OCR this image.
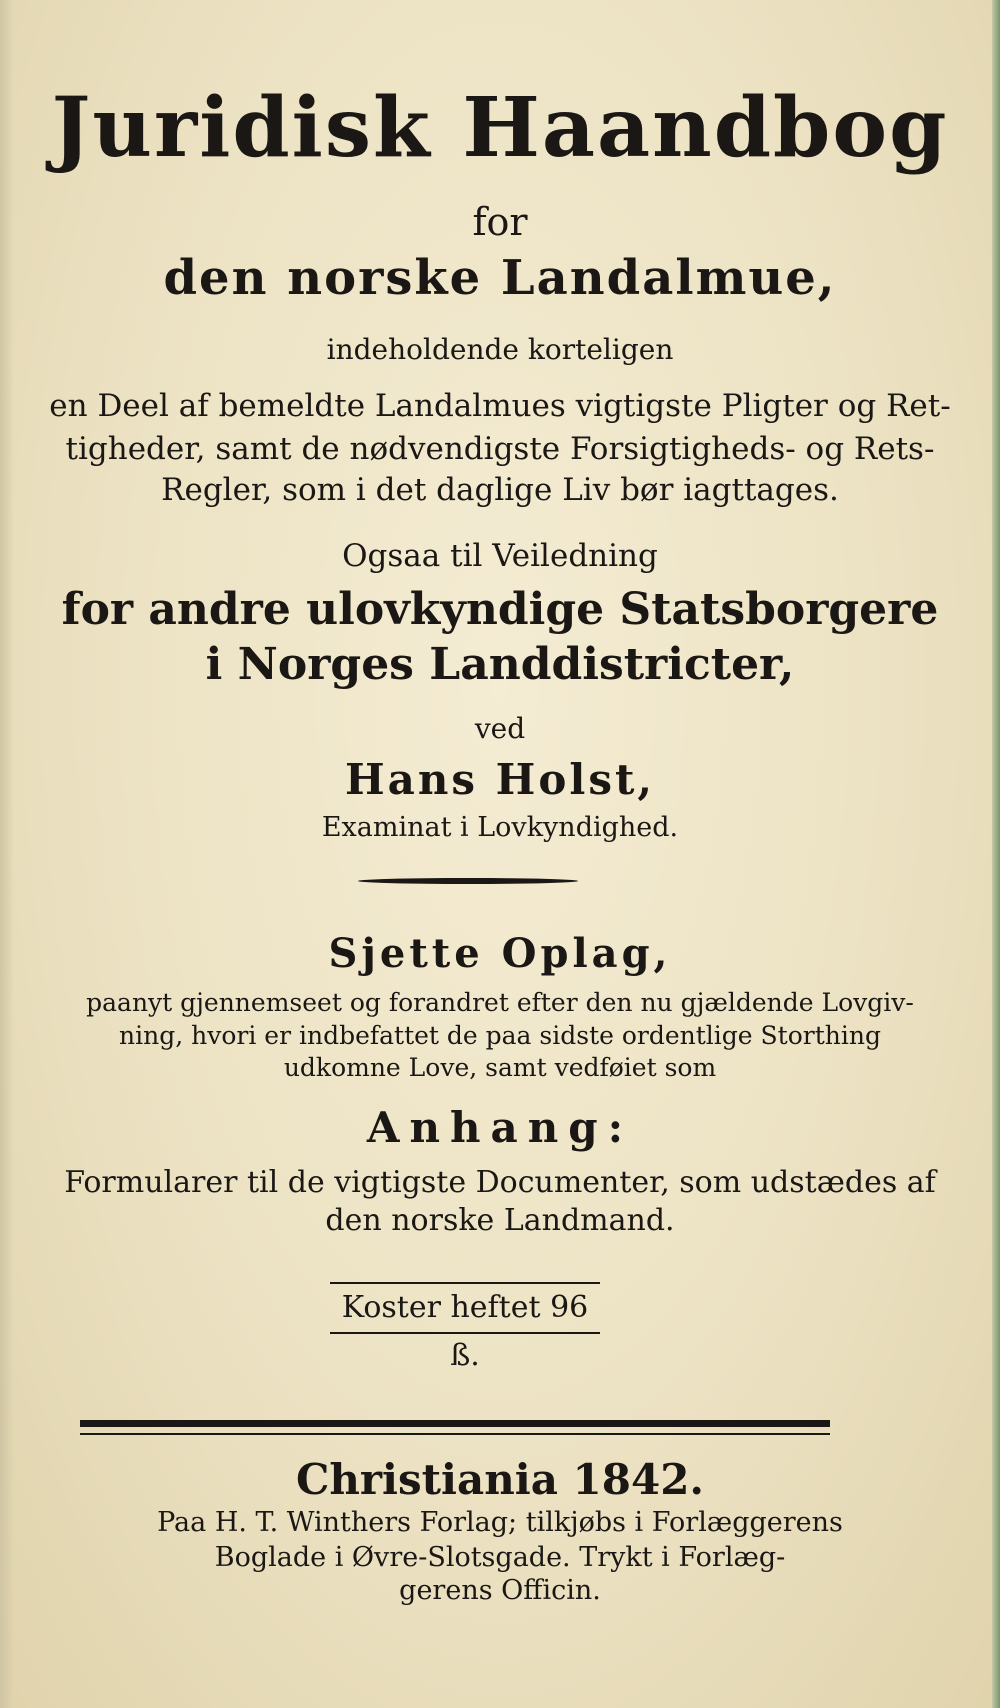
Juridisk Haandbog
for
den norske Landalmue,
indeholdende korteligen
en Deel af bemeldte Landalmues vigtigste Pligter og Ret-
tigheder, samt de nødvendigste Forsigtigheds- og Rets-
Regler, som i det daglige Liv bør iagttages.
Ogsaa til Veiledning
for andre ulovkyndige Statsborgere
i Norges Landdistricter,
ved
Hans Holst,
Examinat i Lovkyndighed.
Sjette Oplag,
paanyt gjennemseet og forandret efter den nu gjældende Lovgiv-
ning, hvori er indbefattet de paa sidste ordentlige Storthing
udkomne Love, samt vedføiet som
Anhang:
Formularer til de vigtigste Documenter, som udstædes af
den norske Landmand.
Koster heftet 96 ß.
Christiania 1842.
Paa H. T. Winthers Forlag; tilkjøbs i Forlæggerens
Boglade i Øvre-Slotsgade. Trykt i Forlæg-
gerens Officin.
